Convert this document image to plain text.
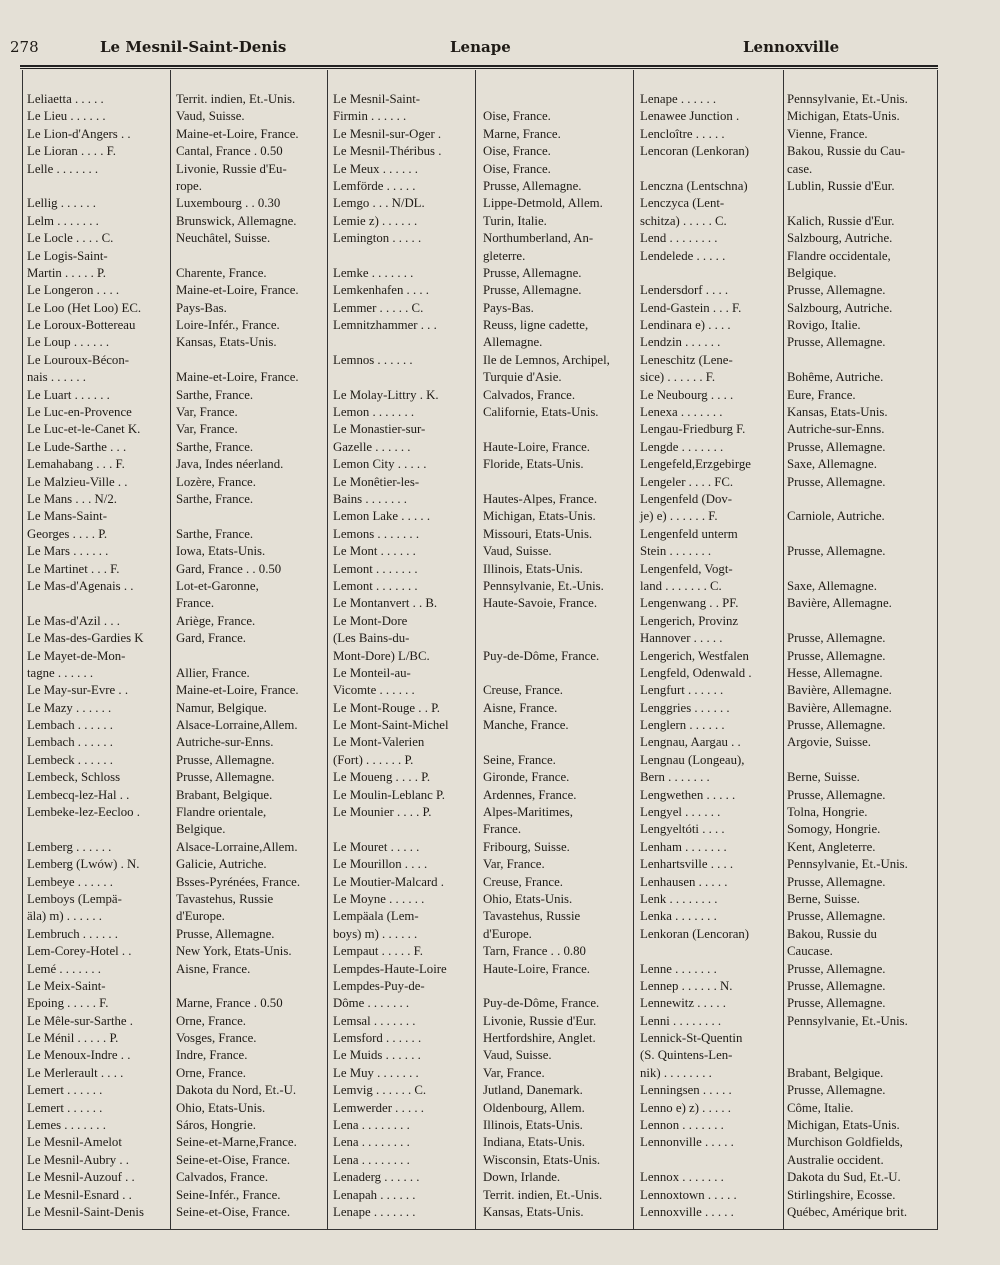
278	Le Mesnil-Saint-Denis	Lenape	Lennoxville
Leliaetta . . . . .	Territ. indien, Et.-Unis.
Le Lieu . . . . . .	Vaud, Suisse.
Le Lion-d'Angers . .	Maine-et-Loire, France.
Le Lioran . . . . F.	Cantal, France . 0.50
Lelle . . . . . . .	Livonie, Russie d'Eu-
rope.
Lellig . . . . . .	Luxembourg . . 0.30
Lelm . . . . . . .	Brunswick, Allemagne.
Le Locle . . . . C.	Neuchâtel, Suisse.
Le Logis-Saint-
Martin . . . . . P.	Charente, France.
Le Longeron . . . .	Maine-et-Loire, France.
Le Loo (Het Loo) EC.	Pays-Bas.
Le Loroux-Bottereau	Loire-Infér., France.
Le Loup . . . . . .	Kansas, Etats-Unis.
Le Louroux-Bécon-
nais . . . . . .	Maine-et-Loire, France.
Le Luart . . . . . .	Sarthe, France.
Le Luc-en-Provence	Var, France.
Le Luc-et-le-Canet K.	Var, France.
Le Lude-Sarthe . . .	Sarthe, France.
Lemahabang . . . F.	Java, Indes néerland.
Le Malzieu-Ville . .	Lozère, France.
Le Mans . . . N/2.	Sarthe, France.
Le Mans-Saint-
Georges . . . . P.	Sarthe, France.
Le Mars . . . . . .	Iowa, Etats-Unis.
Le Martinet . . . F.	Gard, France . . 0.50
Le Mas-d'Agenais . .	Lot-et-Garonne,
France.
Le Mas-d'Azil . . .	Ariège, France.
Le Mas-des-Gardies K	Gard, France.
Le Mayet-de-Mon-
tagne . . . . . .	Allier, France.
Le May-sur-Evre . .	Maine-et-Loire, France.
Le Mazy . . . . . .	Namur, Belgique.
Lembach . . . . . .	Alsace-Lorraine,Allem.
Lembach . . . . . .	Autriche-sur-Enns.
Lembeck . . . . . .	Prusse, Allemagne.
Lembeck, Schloss	Prusse, Allemagne.
Lembecq-lez-Hal . .	Brabant, Belgique.
Lembeke-lez-Eecloo .	Flandre orientale,
Belgique.
Lemberg . . . . . .	Alsace-Lorraine,Allem.
Lemberg (Lwów) . N.	Galicie, Autriche.
Lembeye . . . . . .	Bsses-Pyrénées, France.
Lemboys (Lempä-	Tavastehus, Russie
äla) m) . . . . . .	d'Europe.
Lembruch . . . . . .	Prusse, Allemagne.
Lem-Corey-Hotel . .	New York, Etats-Unis.
Lemé . . . . . . .	Aisne, France.
Le Meix-Saint-
Epoing . . . . . F.	Marne, France . 0.50
Le Mêle-sur-Sarthe .	Orne, France.
Le Ménil . . . . . P.	Vosges, France.
Le Menoux-Indre . .	Indre, France.
Le Merlerault . . . .	Orne, France.
Lemert . . . . . .	Dakota du Nord, Et.-U.
Lemert . . . . . .	Ohio, Etats-Unis.
Lemes . . . . . . .	Sáros, Hongrie.
Le Mesnil-Amelot	Seine-et-Marne,France.
Le Mesnil-Aubry . .	Seine-et-Oise, France.
Le Mesnil-Auzouf . .	Calvados, France.
Le Mesnil-Esnard . .	Seine-Infér., France.
Le Mesnil-Saint-Denis	Seine-et-Oise, France.
Le Mesnil-Saint-
Firmin . . . . . .	Oise, France.
Le Mesnil-sur-Oger .	Marne, France.
Le Mesnil-Théribus .	Oise, France.
Le Meux . . . . . .	Oise, France.
Lemförde . . . . .	Prusse, Allemagne.
Lemgo . . . N/DL.	Lippe-Detmold, Allem.
Lemie z) . . . . . .	Turin, Italie.
Lemington . . . . .	Northumberland, An-
gleterre.
Lemke . . . . . . .	Prusse, Allemagne.
Lemkenhafen . . . .	Prusse, Allemagne.
Lemmer . . . . . C.	Pays-Bas.
Lemnitzhammer . . .	Reuss, ligne cadette,
Allemagne.
Lemnos . . . . . .	Ile de Lemnos, Archipel,
Turquie d'Asie.
Le Molay-Littry . K.	Calvados, France.
Lemon . . . . . . .	Californie, Etats-Unis.
Le Monastier-sur-
Gazelle . . . . . .	Haute-Loire, France.
Lemon City . . . . .	Floride, Etats-Unis.
Le Monêtier-les-
Bains . . . . . . .	Hautes-Alpes, France.
Lemon Lake . . . . .	Michigan, Etats-Unis.
Lemons . . . . . . .	Missouri, Etats-Unis.
Le Mont . . . . . .	Vaud, Suisse.
Lemont . . . . . . .	Illinois, Etats-Unis.
Lemont . . . . . . .	Pennsylvanie, Et.-Unis.
Le Montanvert . . B.	Haute-Savoie, France.
Le Mont-Dore
(Les Bains-du-
Mont-Dore) L/BC.	Puy-de-Dôme, France.
Le Monteil-au-
Vicomte . . . . . .	Creuse, France.
Le Mont-Rouge . . P.	Aisne, France.
Le Mont-Saint-Michel	Manche, France.
Le Mont-Valerien
(Fort) . . . . . . P.	Seine, France.
Le Moueng . . . . P.	Gironde, France.
Le Moulin-Leblanc P.	Ardennes, France.
Le Mounier . . . . P.	Alpes-Maritimes,
France.
Le Mouret . . . . .	Fribourg, Suisse.
Le Mourillon . . . .	Var, France.
Le Moutier-Malcard .	Creuse, France.
Le Moyne . . . . . .	Ohio, Etats-Unis.
Lempäala (Lem-	Tavastehus, Russie
boys) m) . . . . . .	d'Europe.
Lempaut . . . . . F.	Tarn, France . . 0.80
Lempdes-Haute-Loire	Haute-Loire, France.
Lempdes-Puy-de-
Dôme . . . . . . .	Puy-de-Dôme, France.
Lemsal . . . . . . .	Livonie, Russie d'Eur.
Lemsford . . . . . .	Hertfordshire, Anglet.
Le Muids . . . . . .	Vaud, Suisse.
Le Muy . . . . . . .	Var, France.
Lemvig . . . . . . C.	Jutland, Danemark.
Lemwerder . . . . .	Oldenbourg, Allem.
Lena . . . . . . . .	Illinois, Etats-Unis.
Lena . . . . . . . .	Indiana, Etats-Unis.
Lena . . . . . . . .	Wisconsin, Etats-Unis.
Lenaderg . . . . . .	Down, Irlande.
Lenapah . . . . . .	Territ. indien, Et.-Unis.
Lenape . . . . . . .	Kansas, Etats-Unis.
Lenape . . . . . .	Pennsylvanie, Et.-Unis.
Lenawee Junction .	Michigan, Etats-Unis.
Lencloître . . . . .	Vienne, France.
Lencoran (Lenkoran)	Bakou, Russie du Cau-
case.
Lenczna (Lentschna)	Lublin, Russie d'Eur.
Lenczyca (Lent-
schitza) . . . . . C.	Kalich, Russie d'Eur.
Lend . . . . . . . .	Salzbourg, Autriche.
Lendelede . . . . .	Flandre occidentale,
Belgique.
Lendersdorf . . . .	Prusse, Allemagne.
Lend-Gastein . . . F.	Salzbourg, Autriche.
Lendinara e) . . . .	Rovigo, Italie.
Lendzin . . . . . .	Prusse, Allemagne.
Leneschitz (Lene-
sice) . . . . . . F.	Bohême, Autriche.
Le Neubourg . . . .	Eure, France.
Lenexa . . . . . . .	Kansas, Etats-Unis.
Lengau-Friedburg F.	Autriche-sur-Enns.
Lengde . . . . . . .	Prusse, Allemagne.
Lengefeld,Erzgebirge	Saxe, Allemagne.
Lengeler . . . . FC.	Prusse, Allemagne.
Lengenfeld (Dov-
je) e) . . . . . . F.	Carniole, Autriche.
Lengenfeld unterm
Stein . . . . . . .	Prusse, Allemagne.
Lengenfeld, Vogt-
land . . . . . . . C.	Saxe, Allemagne.
Lengenwang . . PF.	Bavière, Allemagne.
Lengerich, Provinz
Hannover . . . . .	Prusse, Allemagne.
Lengerich, Westfalen	Prusse, Allemagne.
Lengfeld, Odenwald .	Hesse, Allemagne.
Lengfurt . . . . . .	Bavière, Allemagne.
Lenggries . . . . . .	Bavière, Allemagne.
Lenglern . . . . . .	Prusse, Allemagne.
Lengnau, Aargau . .	Argovie, Suisse.
Lengnau (Longeau),
Bern . . . . . . .	Berne, Suisse.
Lengwethen . . . . .	Prusse, Allemagne.
Lengyel . . . . . .	Tolna, Hongrie.
Lengyeltóti . . . .	Somogy, Hongrie.
Lenham . . . . . . .	Kent, Angleterre.
Lenhartsville . . . .	Pennsylvanie, Et.-Unis.
Lenhausen . . . . .	Prusse, Allemagne.
Lenk . . . . . . . .	Berne, Suisse.
Lenka . . . . . . .	Prusse, Allemagne.
Lenkoran (Lencoran)	Bakou, Russie du
Caucase.
Lenne . . . . . . .	Prusse, Allemagne.
Lennep . . . . . . N.	Prusse, Allemagne.
Lennewitz . . . . .	Prusse, Allemagne.
Lenni . . . . . . . .	Pennsylvanie, Et.-Unis.
Lennick-St-Quentin
(S. Quintens-Len-
nik) . . . . . . . .	Brabant, Belgique.
Lenningsen . . . . .	Prusse, Allemagne.
Lenno e) z) . . . . .	Côme, Italie.
Lennon . . . . . . .	Michigan, Etats-Unis.
Lennonville . . . . .	Murchison Goldfields,
Australie occident.
Lennox . . . . . . .	Dakota du Sud, Et.-U.
Lennoxtown . . . . .	Stirlingshire, Ecosse.
Lennoxville . . . . .	Québec, Amérique brit.
